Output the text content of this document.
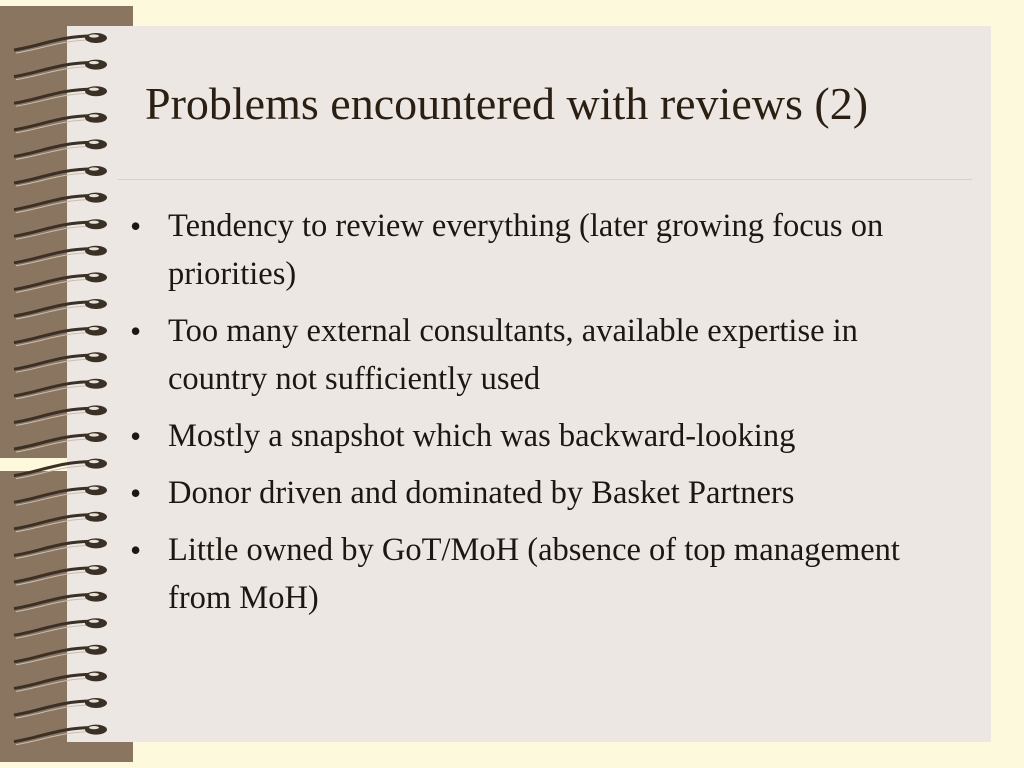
Problems encountered with reviews (2)
• Tendency to review everything (later growing focus on priorities)
• Too many external consultants, available expertise in country not sufficiently used
• Mostly a snapshot which was backward-looking
• Donor driven and dominated by Basket Partners
• Little owned by GoT/MoH (absence of top management from MoH)
